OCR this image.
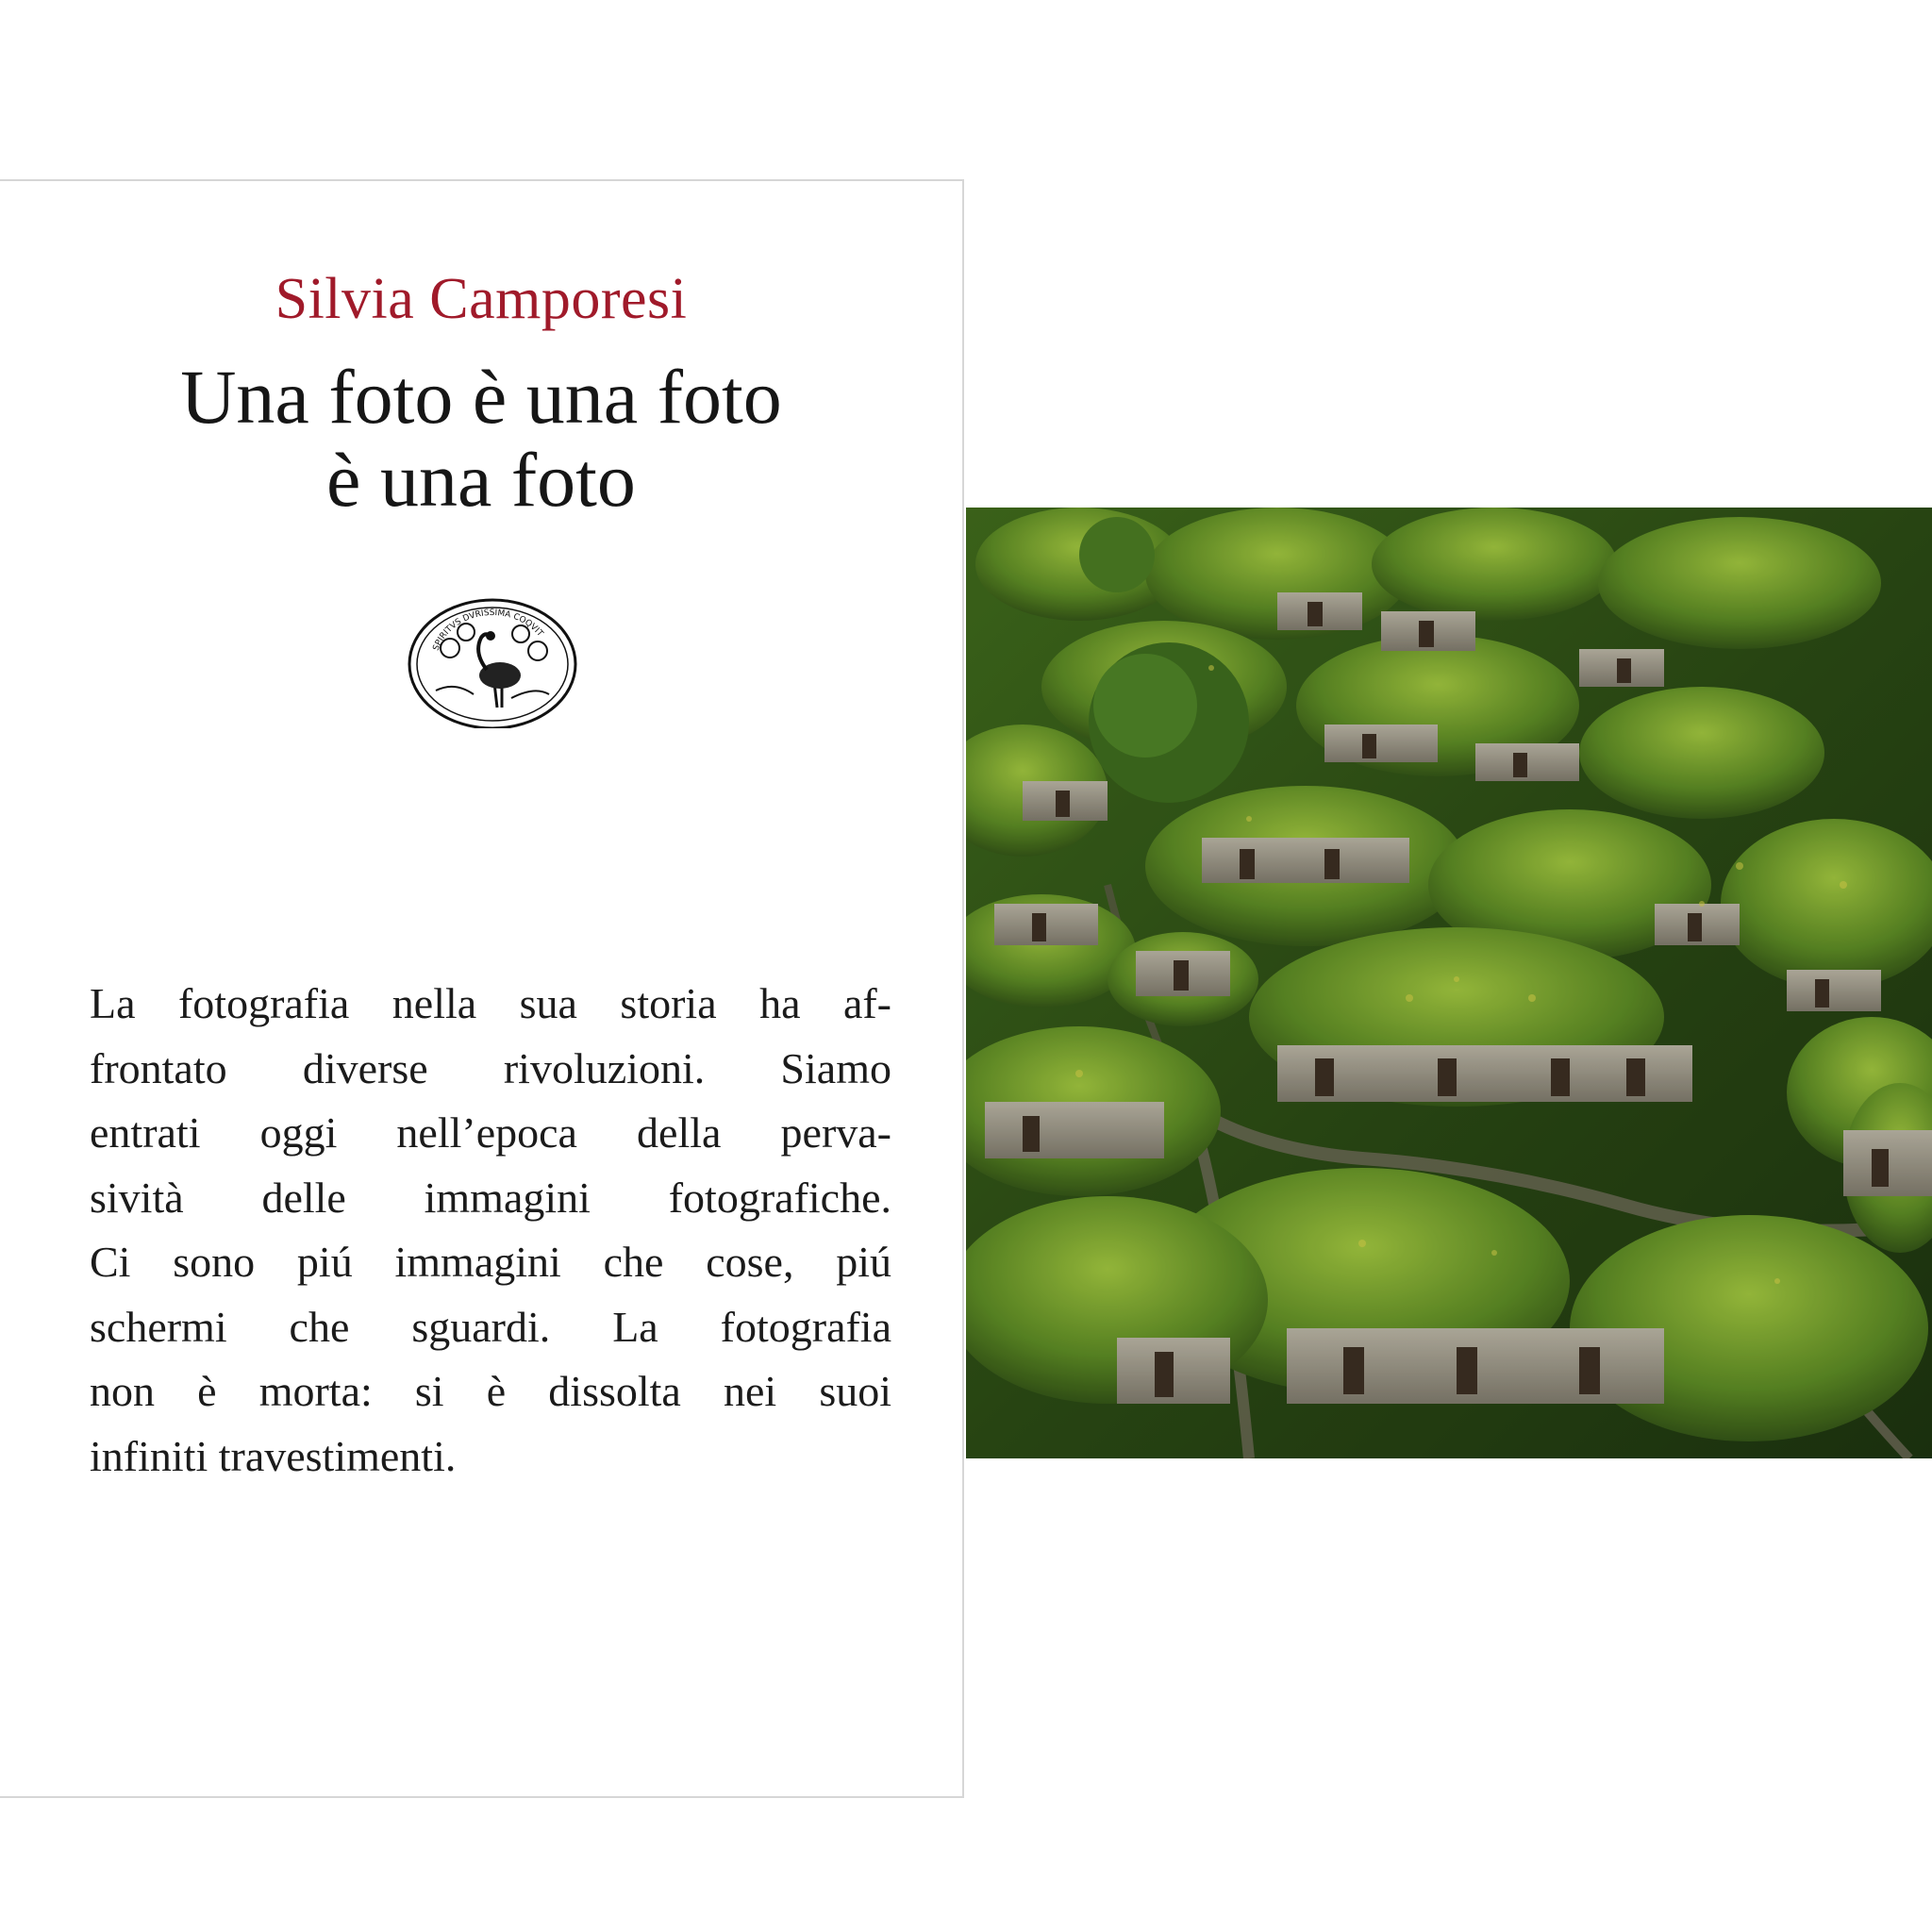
Silvia Camporesi
Una foto è una foto
è una foto
SPIRITVS DVRISSIMA COQVIT
La fotografia nella sua storia ha af-
frontato diverse rivoluzioni. Siamo
entrati oggi nell’epoca della perva-
sività delle immagini fotografiche.
Ci sono piú immagini che cose, piú
schermi che sguardi. La fotografia
non è morta: si è dissolta nei suoi
infiniti travestimenti.
